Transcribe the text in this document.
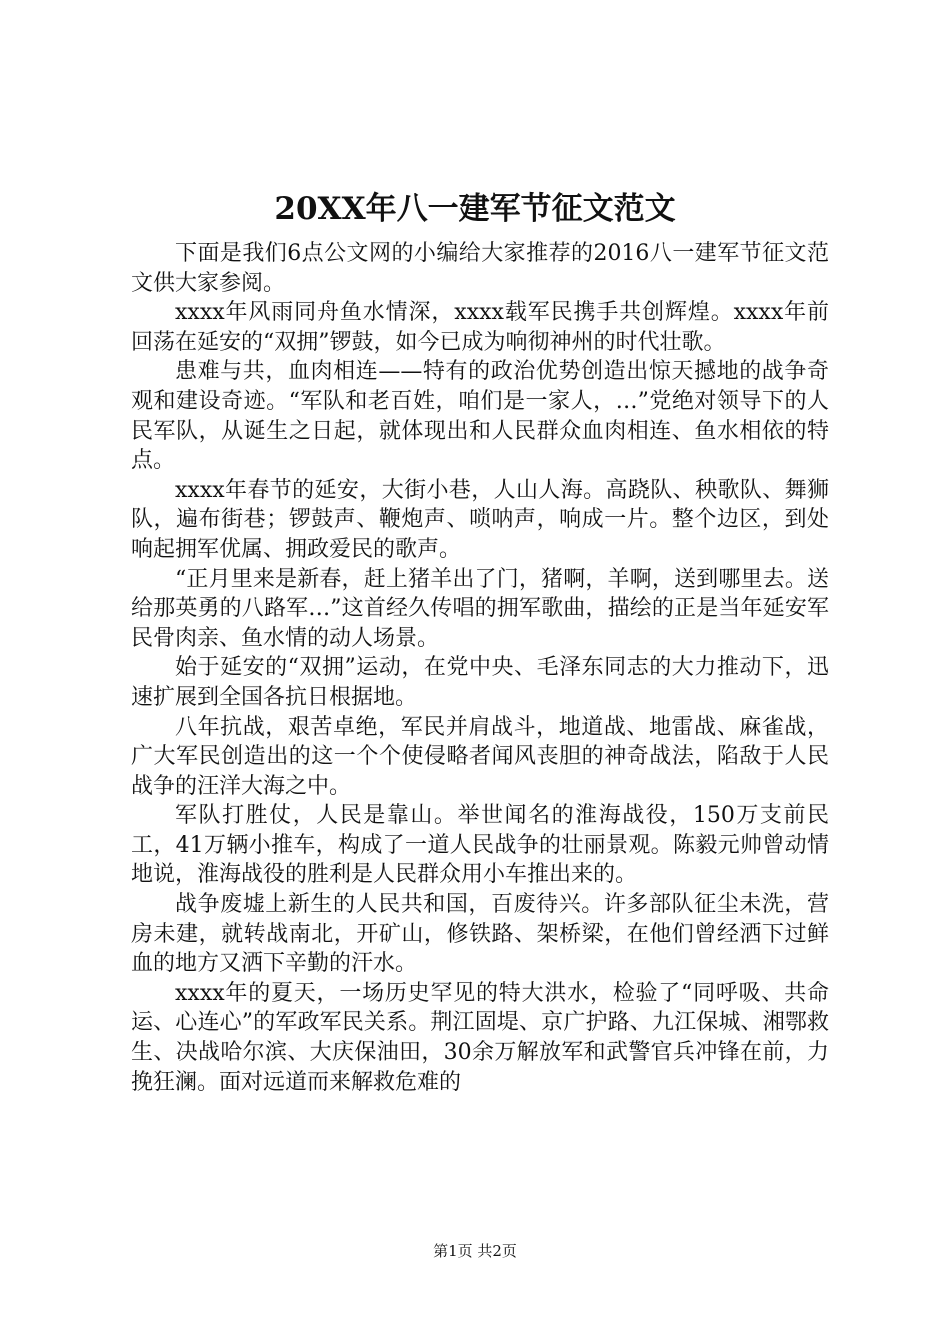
20XX年八一建军节征文范文

下面是我们6点公文网的小编给大家推荐的2016八一建军节征文范文供大家参阅。

xxxx年风雨同舟鱼水情深，xxxx载军民携手共创辉煌。xxxx年前回荡在延安的“双拥”锣鼓，如今已成为响彻神州的时代壮歌。

患难与共，血肉相连——特有的政治优势创造出惊天撼地的战争奇观和建设奇迹。“军队和老百姓，咱们是一家人，…”党绝对领导下的人民军队，从诞生之日起，就体现出和人民群众血肉相连、鱼水相依的特点。

xxxx年春节的延安，大街小巷，人山人海。高跷队、秧歌队、舞狮队，遍布街巷；锣鼓声、鞭炮声、唢呐声，响成一片。整个边区，到处响起拥军优属、拥政爱民的歌声。

“正月里来是新春，赶上猪羊出了门，猪啊，羊啊，送到哪里去。送给那英勇的八路军…”这首经久传唱的拥军歌曲，描绘的正是当年延安军民骨肉亲、鱼水情的动人场景。

始于延安的“双拥”运动，在党中央、毛泽东同志的大力推动下，迅速扩展到全国各抗日根据地。

八年抗战，艰苦卓绝，军民并肩战斗，地道战、地雷战、麻雀战，广大军民创造出的这一个个使侵略者闻风丧胆的神奇战法，陷敌于人民战争的汪洋大海之中。

军队打胜仗，人民是靠山。举世闻名的淮海战役，150万支前民工，41万辆小推车，构成了一道人民战争的壮丽景观。陈毅元帅曾动情地说，淮海战役的胜利是人民群众用小车推出来的。

战争废墟上新生的人民共和国，百废待兴。许多部队征尘未洗，营房未建，就转战南北，开矿山，修铁路、架桥梁，在他们曾经洒下过鲜血的地方又洒下辛勤的汗水。

xxxx年的夏天，一场历史罕见的特大洪水，检验了“同呼吸、共命运、心连心”的军政军民关系。荆江固堤、京广护路、九江保城、湘鄂救生、决战哈尔滨、大庆保油田，30余万解放军和武警官兵冲锋在前，力挽狂澜。面对远道而来解救危难的

第1页 共2页
